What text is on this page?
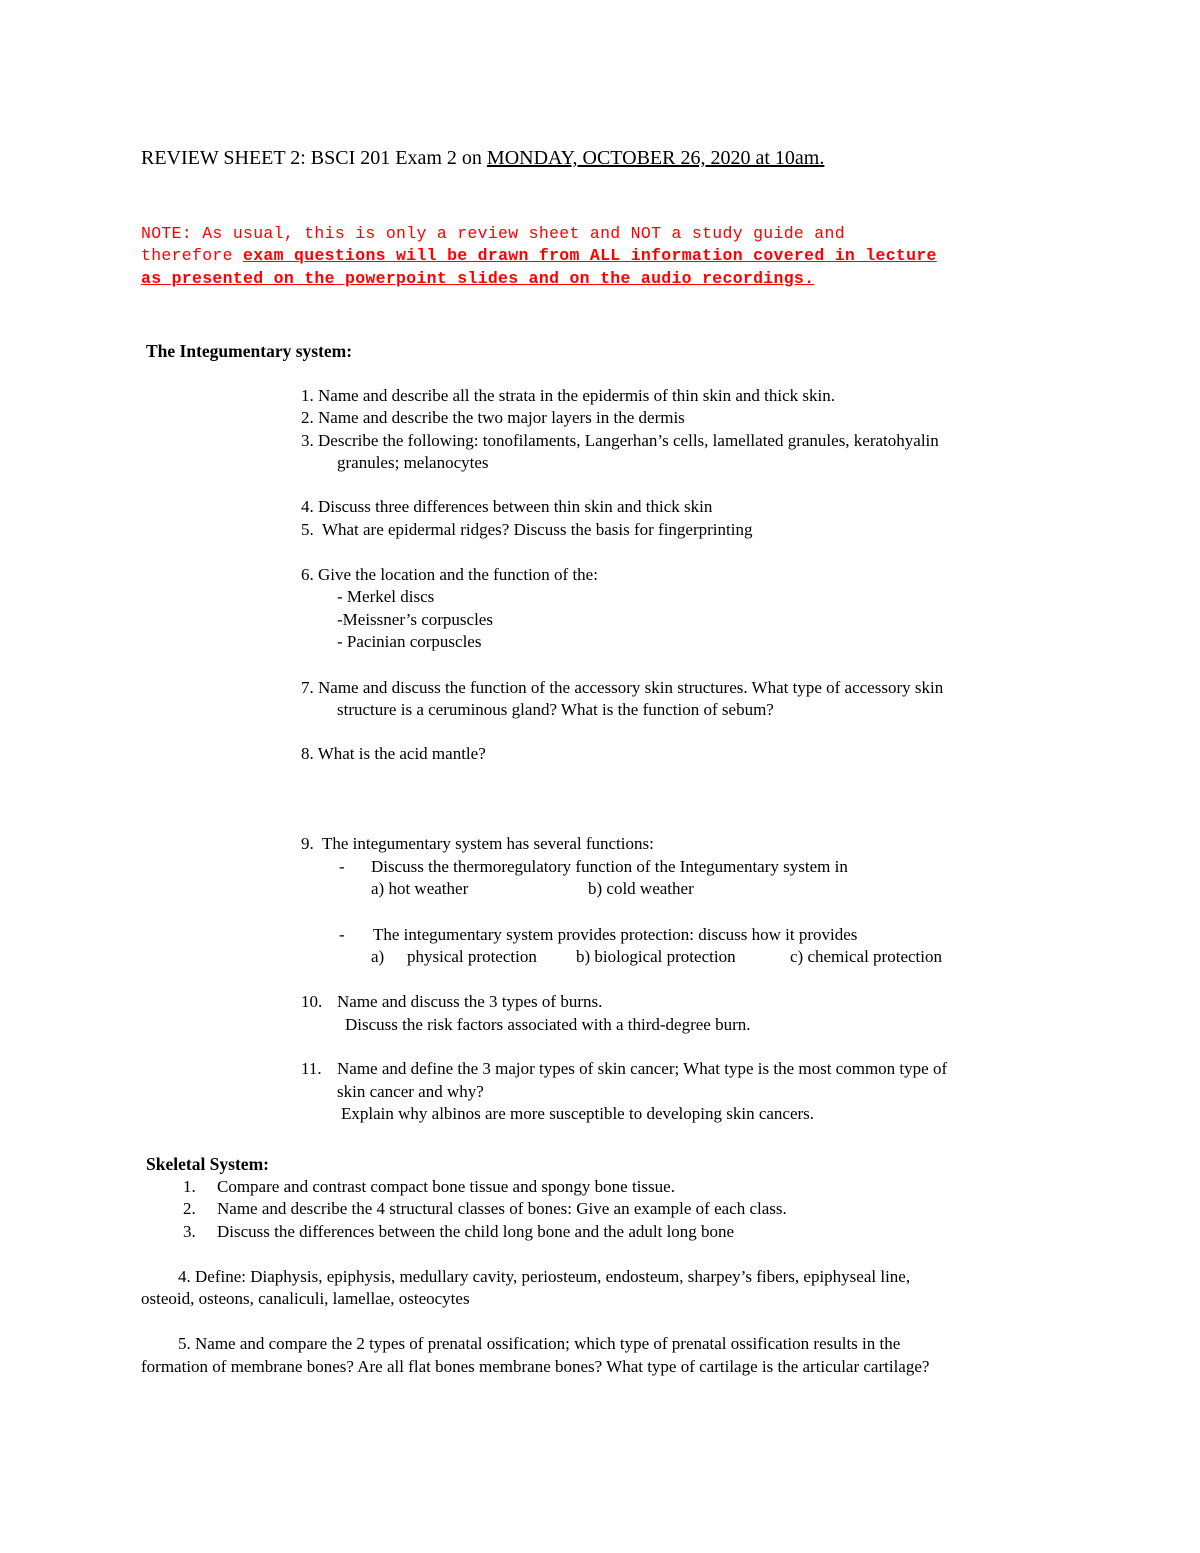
REVIEW SHEET 2: BSCI 201 Exam 2 on MONDAY, OCTOBER 26, 2020 at 10am.
NOTE: As usual, this is only a review sheet and NOT a study guide and
therefore exam questions will be drawn from ALL information covered in lecture
as presented on the powerpoint slides and on the audio recordings.
The Integumentary system:
1. Name and describe all the strata in the epidermis of thin skin and thick skin.
2. Name and describe the two major layers in the dermis
3. Describe the following: tonofilaments, Langerhan’s cells, lamellated granules, keratohyalin
granules; melanocytes
4. Discuss three differences between thin skin and thick skin
5.  What are epidermal ridges? Discuss the basis for fingerprinting
6. Give the location and the function of the:
- Merkel discs
-Meissner’s corpuscles
- Pacinian corpuscles
7. Name and discuss the function of the accessory skin structures. What type of accessory skin
structure is a ceruminous gland? What is the function of sebum?
8. What is the acid mantle?
9.  The integumentary system has several functions:
- Discuss the thermoregulatory function of the Integumentary system in
a) hot weather	b) cold weather
- The integumentary system provides protection: discuss how it provides
a) physical protection b) biological protection	c) chemical protection
10. Name and discuss the 3 types of burns.
Discuss the risk factors associated with a third-degree burn.
11. Name and define the 3 major types of skin cancer; What type is the most common type of
skin cancer and why?
Explain why albinos are more susceptible to developing skin cancers.
Skeletal System:
1. Compare and contrast compact bone tissue and spongy bone tissue.
2. Name and describe the 4 structural classes of bones: Give an example of each class.
3. Discuss the differences between the child long bone and the adult long bone
4. Define: Diaphysis, epiphysis, medullary cavity, periosteum, endosteum, sharpey’s fibers, epiphyseal line,
osteoid, osteons, canaliculi, lamellae, osteocytes
5. Name and compare the 2 types of prenatal ossification; which type of prenatal ossification results in the
formation of membrane bones? Are all flat bones membrane bones? What type of cartilage is the articular cartilage?
